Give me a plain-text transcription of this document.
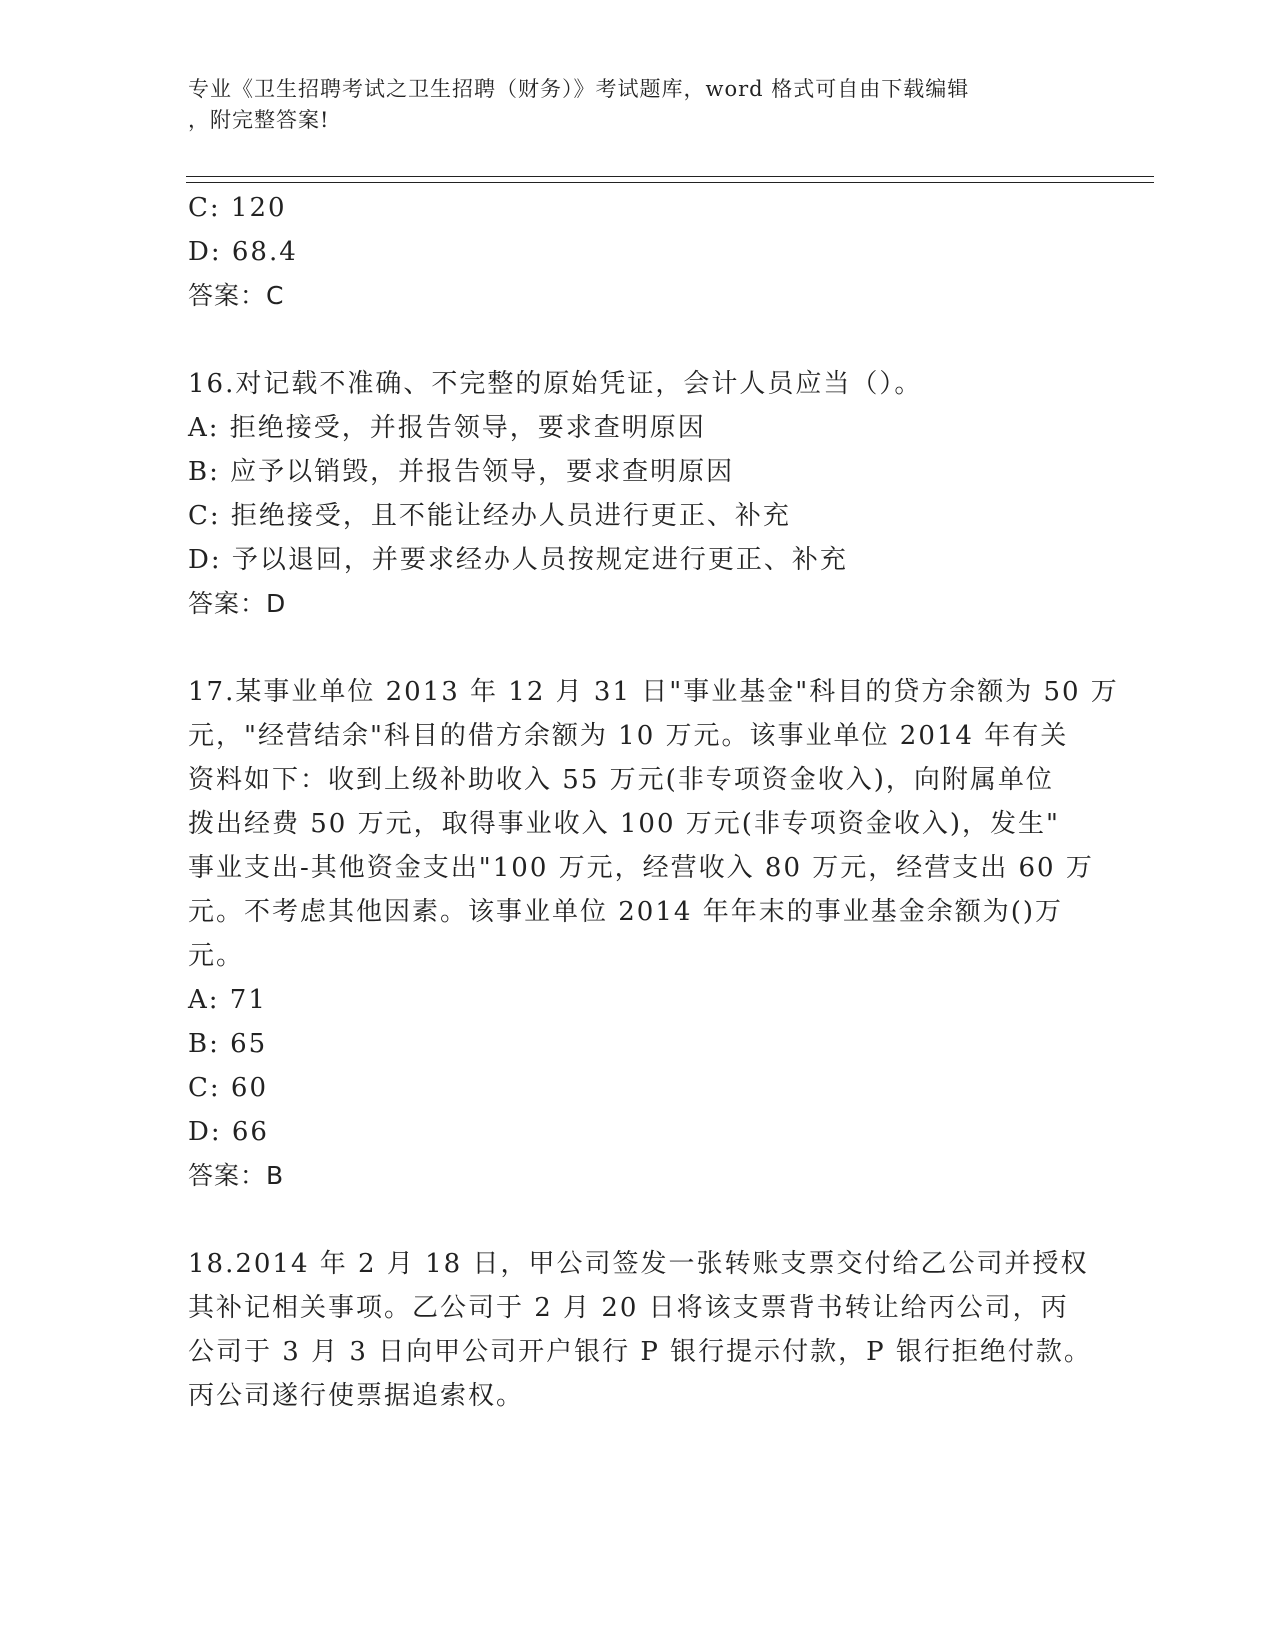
专业《卫生招聘考试之卫生招聘（财务）》考试题库，word 格式可自由下载编辑
，附完整答案!
C: 120
D: 68.4
答案：C
16.对记载不准确、不完整的原始凭证，会计人员应当（）。
A: 拒绝接受，并报告领导，要求查明原因
B: 应予以销毁，并报告领导，要求查明原因
C: 拒绝接受，且不能让经办人员进行更正、补充
D: 予以退回，并要求经办人员按规定进行更正、补充
答案：D
17.某事业单位 2013 年 12 月 31 日"事业基金"科目的贷方余额为 50 万
元，"经营结余"科目的借方余额为 10 万元。该事业单位 2014 年有关
资料如下：收到上级补助收入 55 万元(非专项资金收入)，向附属单位
拨出经费 50 万元，取得事业收入 100 万元(非专项资金收入)，发生"
事业支出-其他资金支出"100 万元，经营收入 80 万元，经营支出 60 万
元。不考虑其他因素。该事业单位 2014 年年末的事业基金余额为()万
元。
A: 71
B: 65
C: 60
D: 66
答案：B
18.2014 年 2 月 18 日，甲公司签发一张转账支票交付给乙公司并授权
其补记相关事项。乙公司于 2 月 20 日将该支票背书转让给丙公司，丙
公司于 3 月 3 日向甲公司开户银行 P 银行提示付款，P 银行拒绝付款。
丙公司遂行使票据追索权。
